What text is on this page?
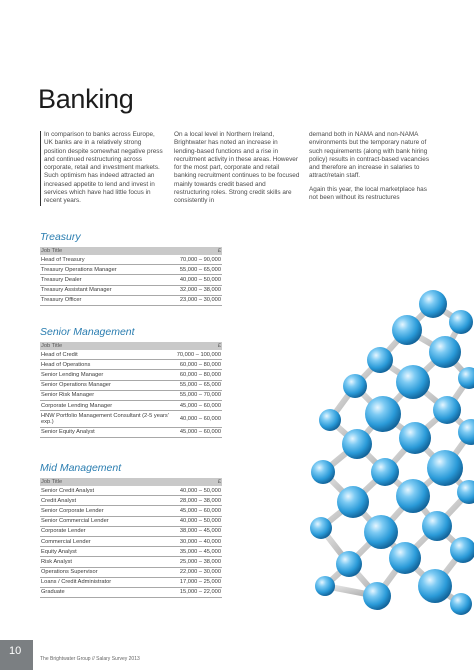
Banking

In comparison to banks across Europe, UK banks are in a relatively strong position despite somewhat negative press and continued restructuring across corporate, retail and investment markets. Such optimism has indeed attracted an increased appetite to lend and invest in services which have had little focus in recent years.

On a local level in Northern Ireland, Brightwater has noted an increase in lending-based functions and a rise in recruitment activity in these areas. However for the most part, corporate and retail banking recruitment continues to be focused mainly towards credit based and restructuring roles. Strong credit skills are consistently in

demand both in NAMA and non-NAMA environments but the temporary nature of such requirements (along with bank hiring policy) results in contract-based vacancies and therefore an increase in salaries to attract/retain staff.

Again this year, the local marketplace has not been without its restructures

Treasury
Job Title	£
Head of Treasury	70,000 – 90,000
Treasury Operations Manager	55,000 – 65,000
Treasury Dealer	40,000 – 50,000
Treasury Assistant Manager	32,000 – 38,000
Treasury Officer	23,000 – 30,000
Senior Management
Job Title	£
Head of Credit	70,000 – 100,000
Head of Operations	60,000 – 80,000
Senior Lending Manager	60,000 – 80,000
Senior Operations Manager	55,000 – 65,000
Senior Risk Manager	55,000 – 70,000
Corporate Lending Manager	45,000 – 60,000
HNW Portfolio Management Consultant (2-5 years' exp.)	40,000 – 60,000
Senior Equity Analyst	45,000 – 60,000
Mid Management
Job Title	£
Senior Credit Analyst	40,000 – 50,000
Credit Analyst	28,000 – 38,000
Senior Corporate Lender	45,000 – 60,000
Senior Commercial Lender	40,000 – 50,000
Corporate Lender	38,000 – 45,000
Commercial Lender	30,000 – 40,000
Equity Analyst	35,000 – 45,000
Risk Analyst	25,000 – 38,000
Operations Supervisor	22,000 – 30,000
Loans / Credit Administrator	17,000 – 25,000
Graduate	15,000 – 22,000
10
The Brightwater Group // Salary Survey 2013
